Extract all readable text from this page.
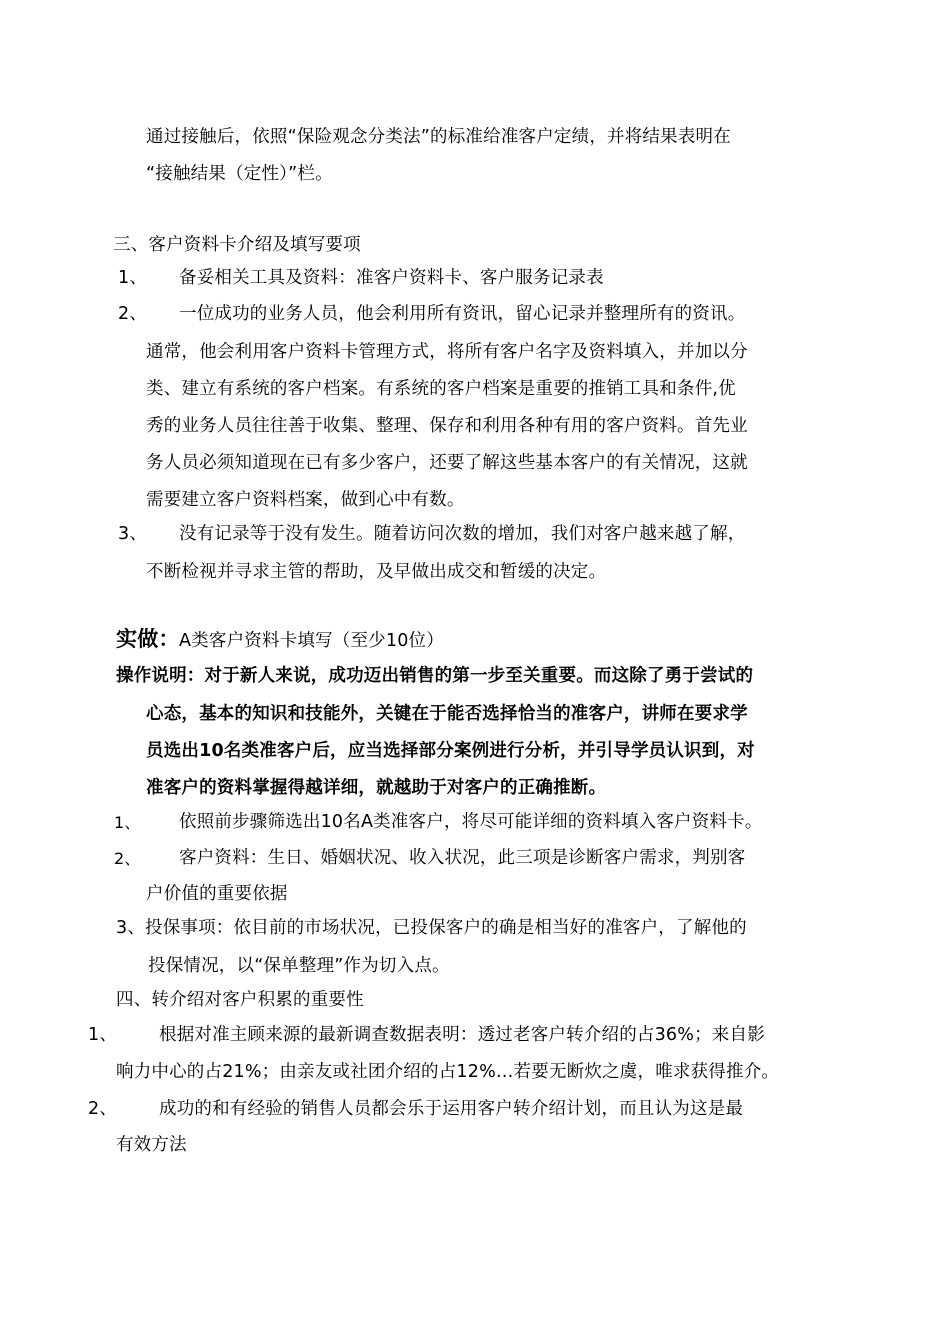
通过接触后，依照“保险观念分类法”的标准给准客户定绩，并将结果表明在
“接触结果（定性）”栏。
三、客户资料卡介绍及填写要项
1、 备妥相关工具及资料：准客户资料卡、客户服务记录表
2、 一位成功的业务人员，他会利用所有资讯，留心记录并整理所有的资讯。
通常，他会利用客户资料卡管理方式，将所有客户名字及资料填入，并加以分
类、建立有系统的客户档案。有系统的客户档案是重要的推销工具和条件,优
秀的业务人员往往善于收集、整理、保存和利用各种有用的客户资料。首先业
务人员必须知道现在已有多少客户，还要了解这些基本客户的有关情况，这就
需要建立客户资料档案，做到心中有数。
3、 没有记录等于没有发生。随着访问次数的增加，我们对客户越来越了解，
不断检视并寻求主管的帮助，及早做出成交和暂缓的决定。
实做： A类客户资料卡填写（至少10位）
操作说明：对于新人来说，成功迈出销售的第一步至关重要。而这除了勇于尝试的
心态，基本的知识和技能外，关键在于能否选择恰当的准客户，讲师在要求学
员选出10名类准客户后，应当选择部分案例进行分析，并引导学员认识到，对
准客户的资料掌握得越详细，就越助于对客户的正确推断。
1、 依照前步骤筛选出10名A类准客户，将尽可能详细的资料填入客户资料卡。
2、 客户资料：生日、婚姻状况、收入状况，此三项是诊断客户需求，判别客
户价值的重要依据
3、 投保事项：依目前的市场状况，已投保客户的确是相当好的准客户，了解他的
投保情况，以“保单整理”作为切入点。
四、转介绍对客户积累的重要性
1、 根据对准主顾来源的最新调查数据表明：透过老客户转介绍的占36%；来自影
响力中心的占21%；由亲友或社团介绍的占12%…若要无断炊之虞，唯求获得推介。
2、 成功的和有经验的销售人员都会乐于运用客户转介绍计划，而且认为这是最
有效方法
